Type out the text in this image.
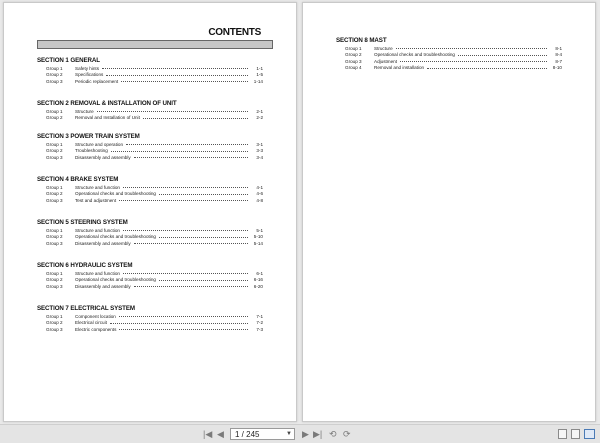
CONTENTS
SECTION 1 GENERAL
Group 1	Safety hints	1-1
Group 2	Specifications	1-5
Group 3	Periodic replacement	1-14
SECTION 2 REMOVAL & INSTALLATION OF UNIT
Group 1	Structure	2-1
Group 2	Removal and Installation of Unit	2-2
SECTION 3 POWER TRAIN SYSTEM
Group 1	Structure and operation	3-1
Group 2	Troubleshooting	3-3
Group 3	Disassembly and assembly	3-4
SECTION 4 BRAKE SYSTEM
Group 1	Structure and function	4-1
Group 2	Operational checks and troubleshooting	4-6
Group 3	Test and adjustment	4-8
SECTION 5 STEERING SYSTEM
Group 1	Structure and function	5-1
Group 2	Operational checks and troubleshooting	5-10
Group 3	Disassembly and assembly	5-14
SECTION 6 HYDRAULIC SYSTEM
Group 1	Structure and function	6-1
Group 2	Operational checks and troubleshooting	6-16
Group 3	Disassembly and assembly	6-20
SECTION 7 ELECTRICAL SYSTEM
Group 1	Component location	7-1
Group 2	Electrical circuit	7-2
Group 3	Electric components	7-3
SECTION 8 MAST
Group 1	Structure	8-1
Group 2	Operational checks and troubleshooting	8-4
Group 3	Adjustment	8-7
Group 4	Removal and installation	8-10
|◀ ◀	1 / 245	▼ ▶ ▶| ⟲ ⟳
